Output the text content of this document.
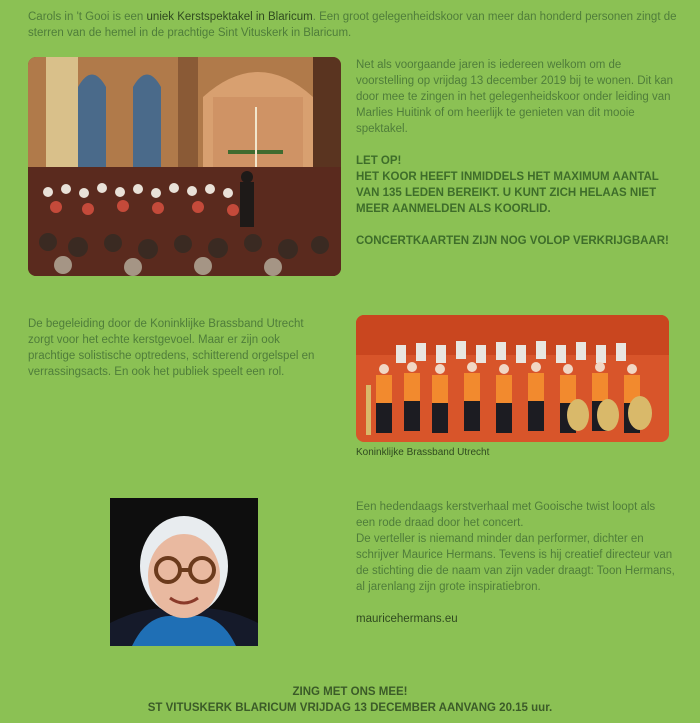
Carols in 't Gooi is een uniek Kerstspektakel in Blaricum. Een groot gelegenheidskoor van meer dan honderd personen zingt de sterren van de hemel in de prachtige Sint Vituskerk in Blaricum.

Net als voorgaande jaren is iedereen welkom om de voorstelling op vrijdag 13 december 2019 bij te wonen. Dit kan door mee te zingen in het gelegenheidskoor onder leiding van Marlies Huitink of om heerlijk te genieten van dit mooie spektakel.

LET OP!

HET KOOR HEEFT INMIDDELS HET MAXIMUM AANTAL VAN 135 LEDEN BEREIKT. U KUNT ZICH HELAAS NIET MEER AANMELDEN ALS KOORLID.

CONCERTKAARTEN ZIJN NOG VOLOP VERKRIJGBAAR!

De begeleiding door de Koninklijke Brassband Utrecht zorgt voor het echte kerstgevoel. Maar er zijn ook prachtige solistische optredens, schitterend orgelspel en verrassingsacts. En ook het publiek speelt een rol.

Koninklijke Brassband Utrecht

Een hedendaags kerstverhaal met Gooische twist loopt als een rode draad door het concert.

De verteller is niemand minder dan performer, dichter en schrijver Maurice Hermans. Tevens is hij creatief directeur van de stichting die de naam van zijn vader draagt: Toon Hermans, al jarenlang zijn grote inspiratiebron.

mauricehermans.eu

ZING MET ONS MEE!

ST VITUSKERK BLARICUM VRIJDAG 13 DECEMBER AANVANG 20.15 uur.
